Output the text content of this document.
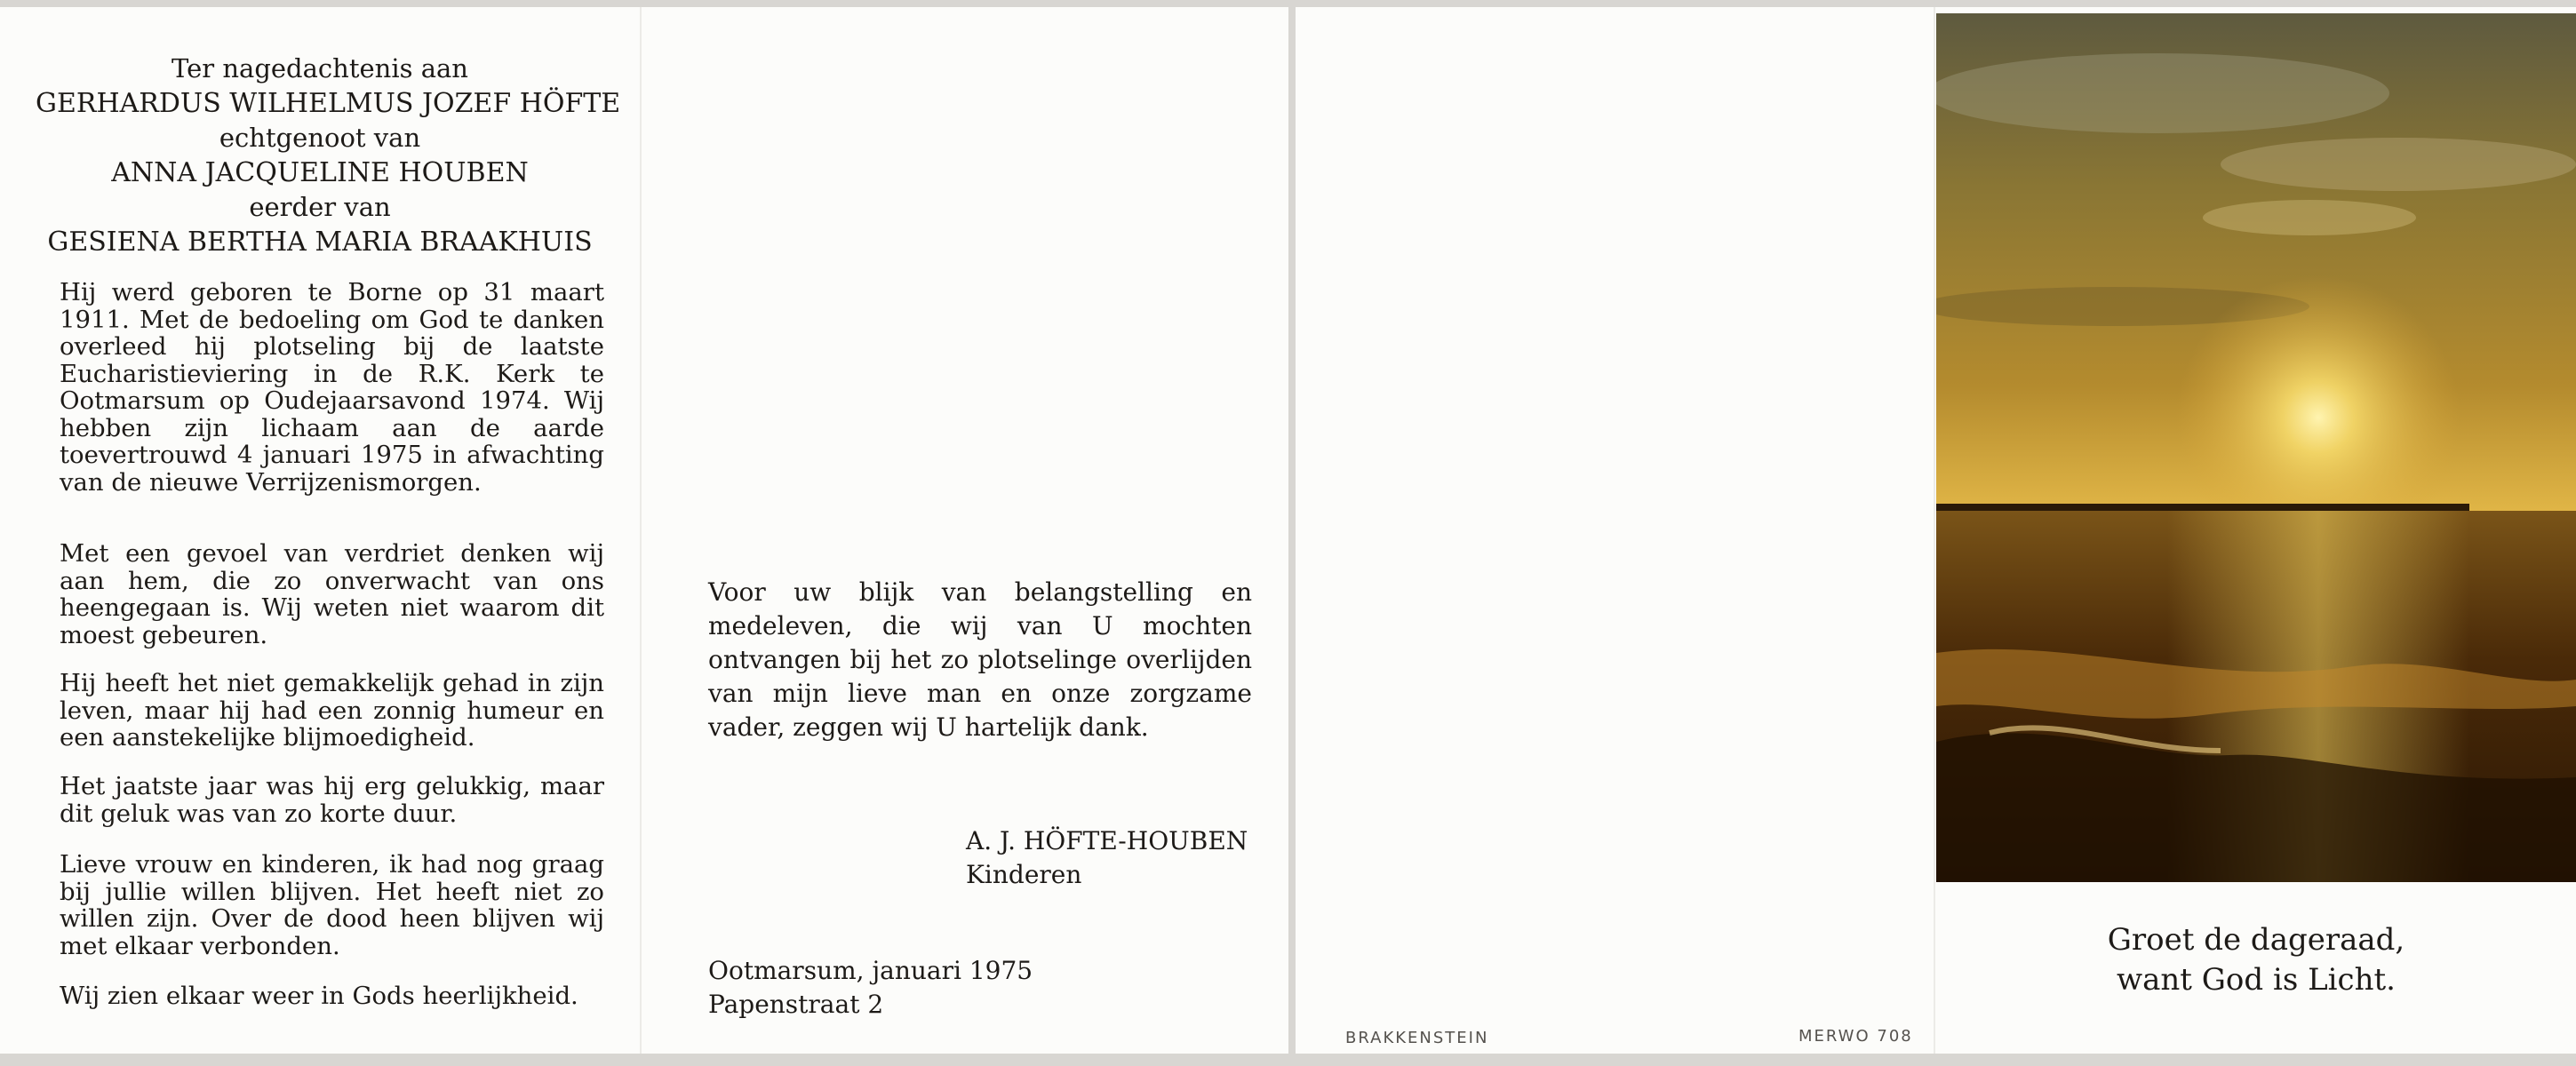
Ter nagedachtenis aan
GERHARDUS WILHELMUS JOZEF HÖFTE
echtgenoot van
ANNA JACQUELINE HOUBEN
eerder van
GESIENA BERTHA MARIA BRAAKHUIS

Hij werd geboren te Borne op 31 maart 1911. Met de bedoeling om God te danken overleed hij plotseling bij de laatste Eucharistieviering in de R.K. Kerk te Ootmarsum op Oudejaarsavond 1974. Wij hebben zijn lichaam aan de aarde toevertrouwd 4 januari 1975 in afwachting van de nieuwe Verrijzenismorgen.

Met een gevoel van verdriet denken wij aan hem, die zo onverwacht van ons heengegaan is. Wij weten niet waarom dit moest gebeuren.

Hij heeft het niet gemakkelijk gehad in zijn leven, maar hij had een zonnig humeur en een aanstekelijke blijmoedigheid.

Het jaatste jaar was hij erg gelukkig, maar dit geluk was van zo korte duur.

Lieve vrouw en kinderen, ik had nog graag bij jullie willen blijven. Het heeft niet zo willen zijn. Over de dood heen blijven wij met elkaar verbonden.

Wij zien elkaar weer in Gods heerlijkheid.

Voor uw blijk van belangstelling en medeleven, die wij van U mochten ontvangen bij het zo plotselinge overlijden van mijn lieve man en onze zorgzame vader, zeggen wij U hartelijk dank.

A. J. HÖFTE-HOUBEN
Kinderen
Ootmarsum, januari 1975
Papenstraat 2
BRAKKENSTEIN	MERWO 708
Groet de dageraad,
want God is Licht.
